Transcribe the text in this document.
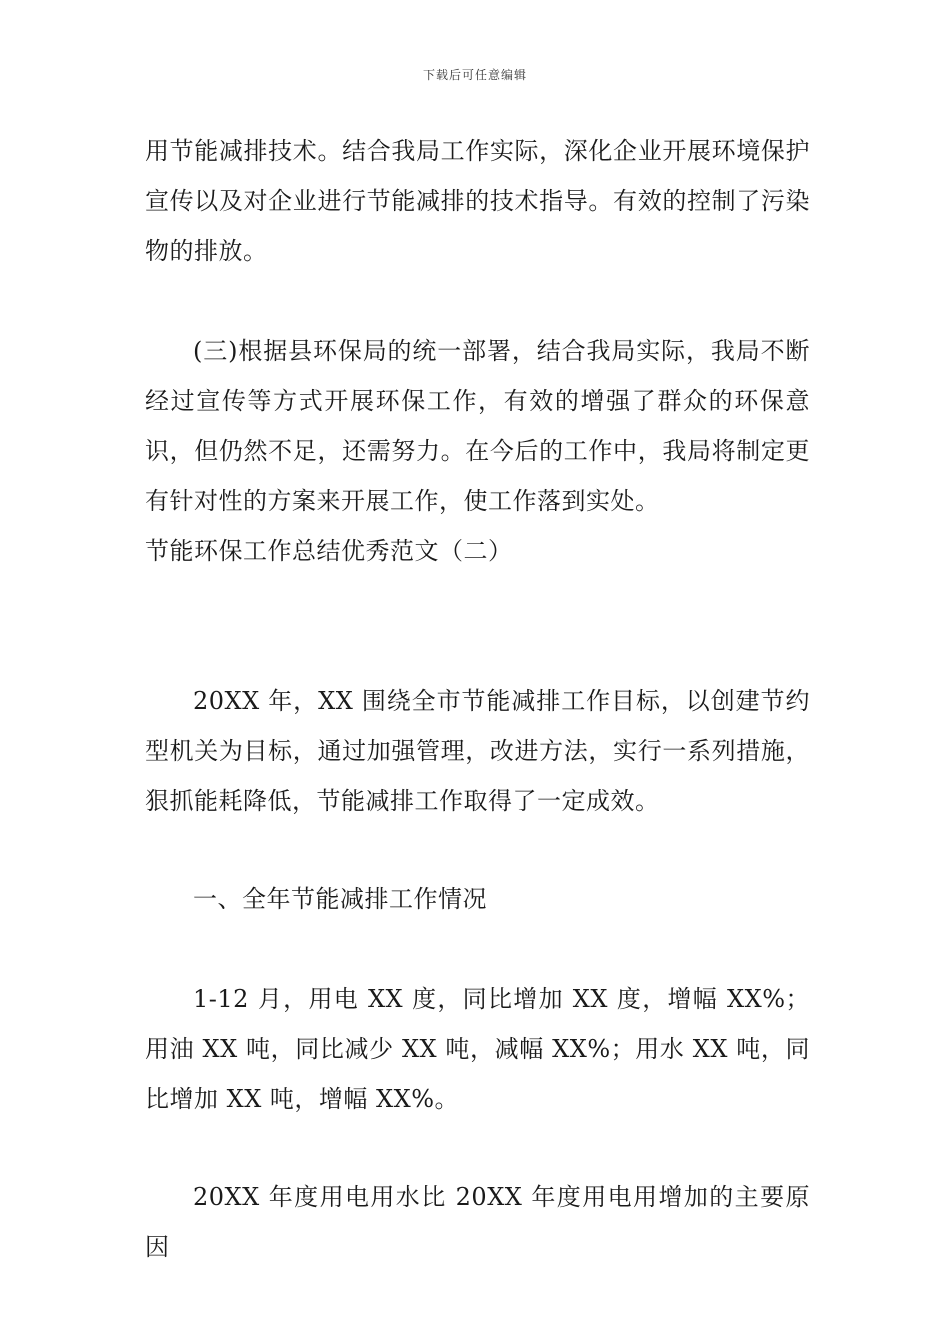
下载后可任意编辑

用节能减排技术。结合我局工作实际，深化企业开展环境保护宣传以及对企业进行节能减排的技术指导。有效的控制了污染物的排放。

(三)根据县环保局的统一部署，结合我局实际，我局不断经过宣传等方式开展环保工作，有效的增强了群众的环保意识，但仍然不足，还需努力。在今后的工作中，我局将制定更有针对性的方案来开展工作，使工作落到实处。

节能环保工作总结优秀范文（二）

20XX 年，XX 围绕全市节能减排工作目标，以创建节约型机关为目标，通过加强管理，改进方法，实行一系列措施，狠抓能耗降低，节能减排工作取得了一定成效。

一、全年节能减排工作情况

1-12 月，用电 XX 度，同比增加 XX 度，增幅 XX%；用油 XX 吨，同比减少 XX 吨，减幅 XX%；用水 XX 吨，同比增加 XX 吨，增幅 XX%。

20XX 年度用电用水比 20XX 年度用电用增加的主要原因
